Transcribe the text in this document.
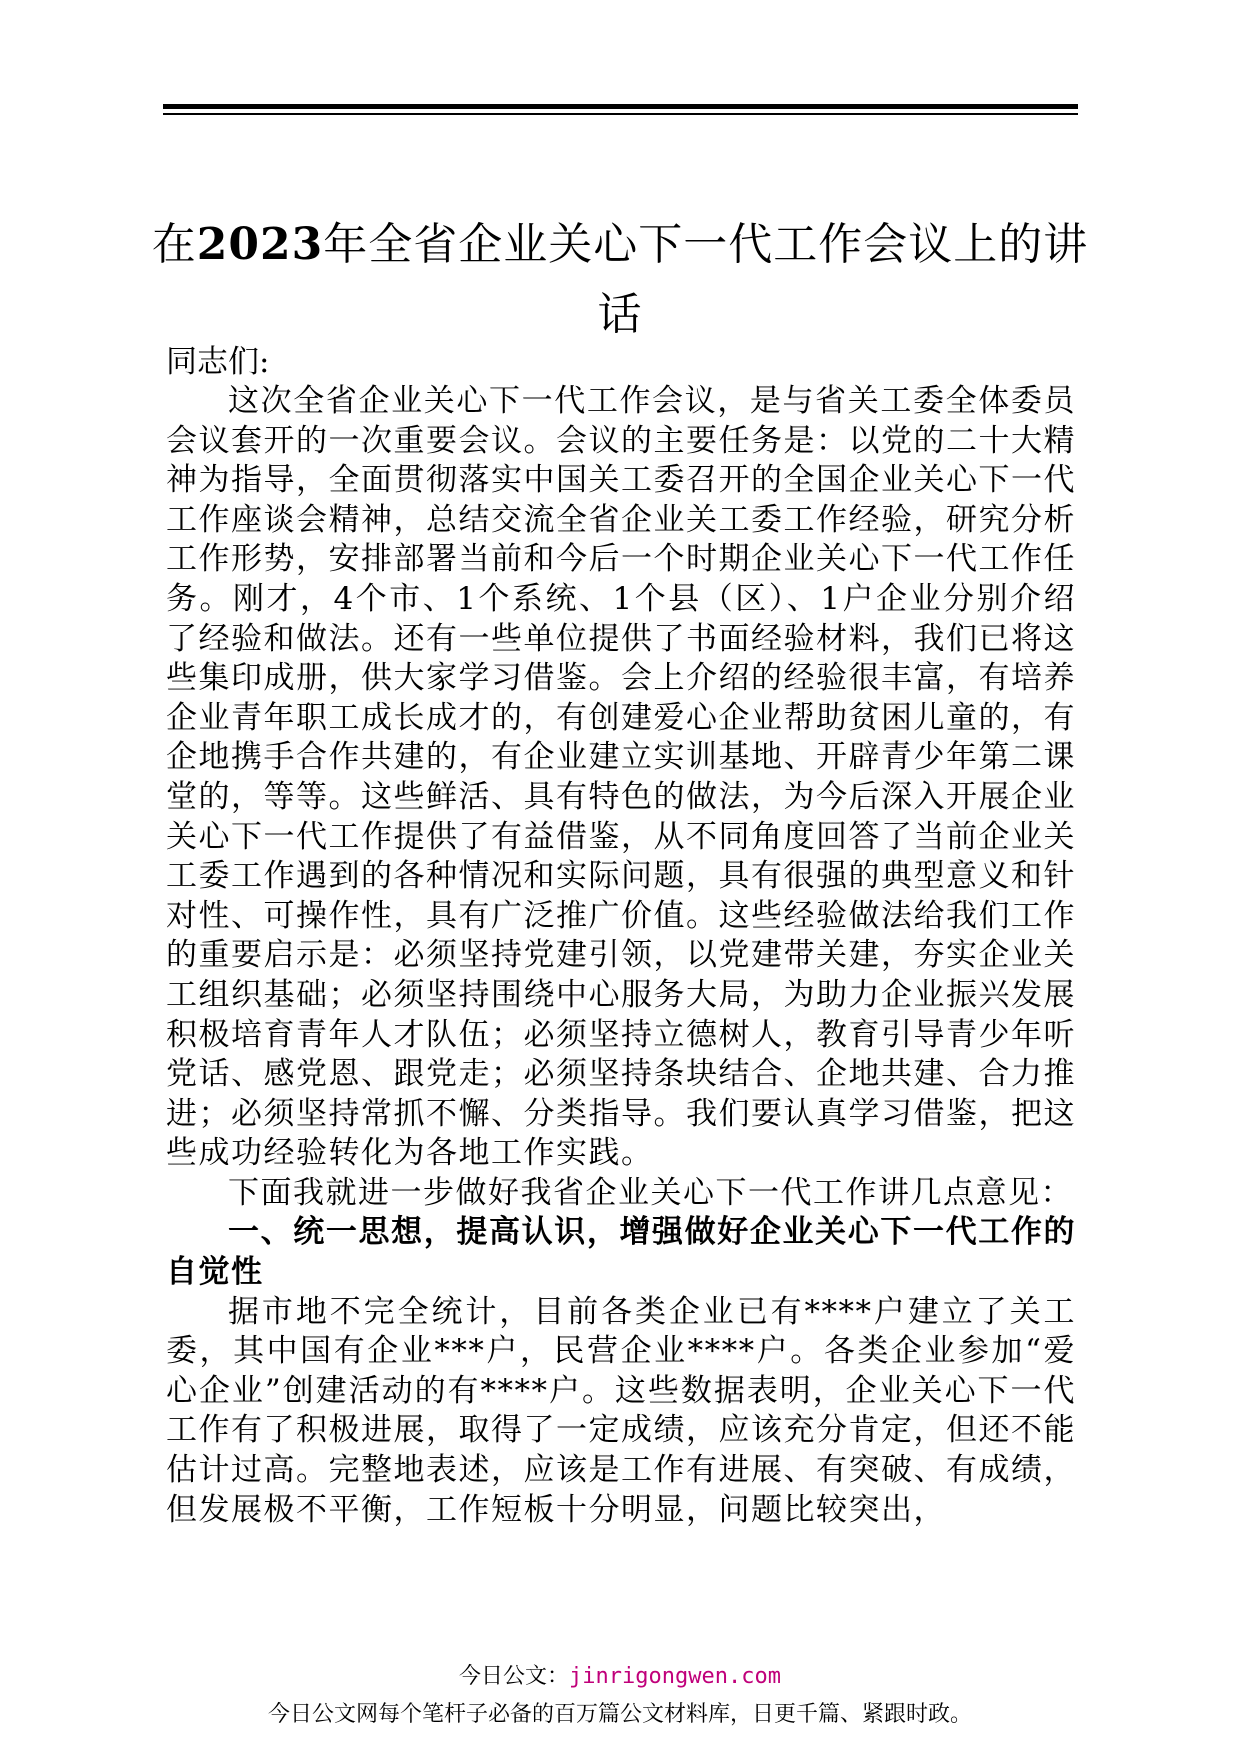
在2023年全省企业关心下一代工作会议上的讲话
同志们:

这次全省企业关心下一代工作会议，是与省关工委全体委员会议套开的一次重要会议。会议的主要任务是：以党的二十大精神为指导，全面贯彻落实中国关工委召开的全国企业关心下一代工作座谈会精神，总结交流全省企业关工委工作经验，研究分析工作形势，安排部署当前和今后一个时期企业关心下一代工作任务。刚才，4个市、1个系统、1个县（区）、1户企业分别介绍了经验和做法。还有一些单位提供了书面经验材料，我们已将这些集印成册，供大家学习借鉴。会上介绍的经验很丰富，有培养企业青年职工成长成才的，有创建爱心企业帮助贫困儿童的，有企地携手合作共建的，有企业建立实训基地、开辟青少年第二课堂的，等等。这些鲜活、具有特色的做法，为今后深入开展企业关心下一代工作提供了有益借鉴，从不同角度回答了当前企业关工委工作遇到的各种情况和实际问题，具有很强的典型意义和针对性、可操作性，具有广泛推广价值。这些经验做法给我们工作的重要启示是：必须坚持党建引领，以党建带关建，夯实企业关工组织基础；必须坚持围绕中心服务大局，为助力企业振兴发展积极培育青年人才队伍；必须坚持立德树人，教育引导青少年听党话、感党恩、跟党走；必须坚持条块结合、企地共建、合力推进；必须坚持常抓不懈、分类指导。我们要认真学习借鉴，把这些成功经验转化为各地工作实践。

下面我就进一步做好我省企业关心下一代工作讲几点意见：

一、统一思想，提高认识，增强做好企业关心下一代工作的自觉性

据市地不完全统计，目前各类企业已有****户建立了关工委，其中国有企业***户，民营企业****户。各类企业参加“爱心企业”创建活动的有****户。这些数据表明，企业关心下一代工作有了积极进展，取得了一定成绩，应该充分肯定，但还不能估计过高。完整地表述，应该是工作有进展、有突破、有成绩，但发展极不平衡，工作短板十分明显，问题比较突出，

今日公文：jinrigongwen.com
今日公文网每个笔杆子必备的百万篇公文材料库，日更千篇、紧跟时政。
